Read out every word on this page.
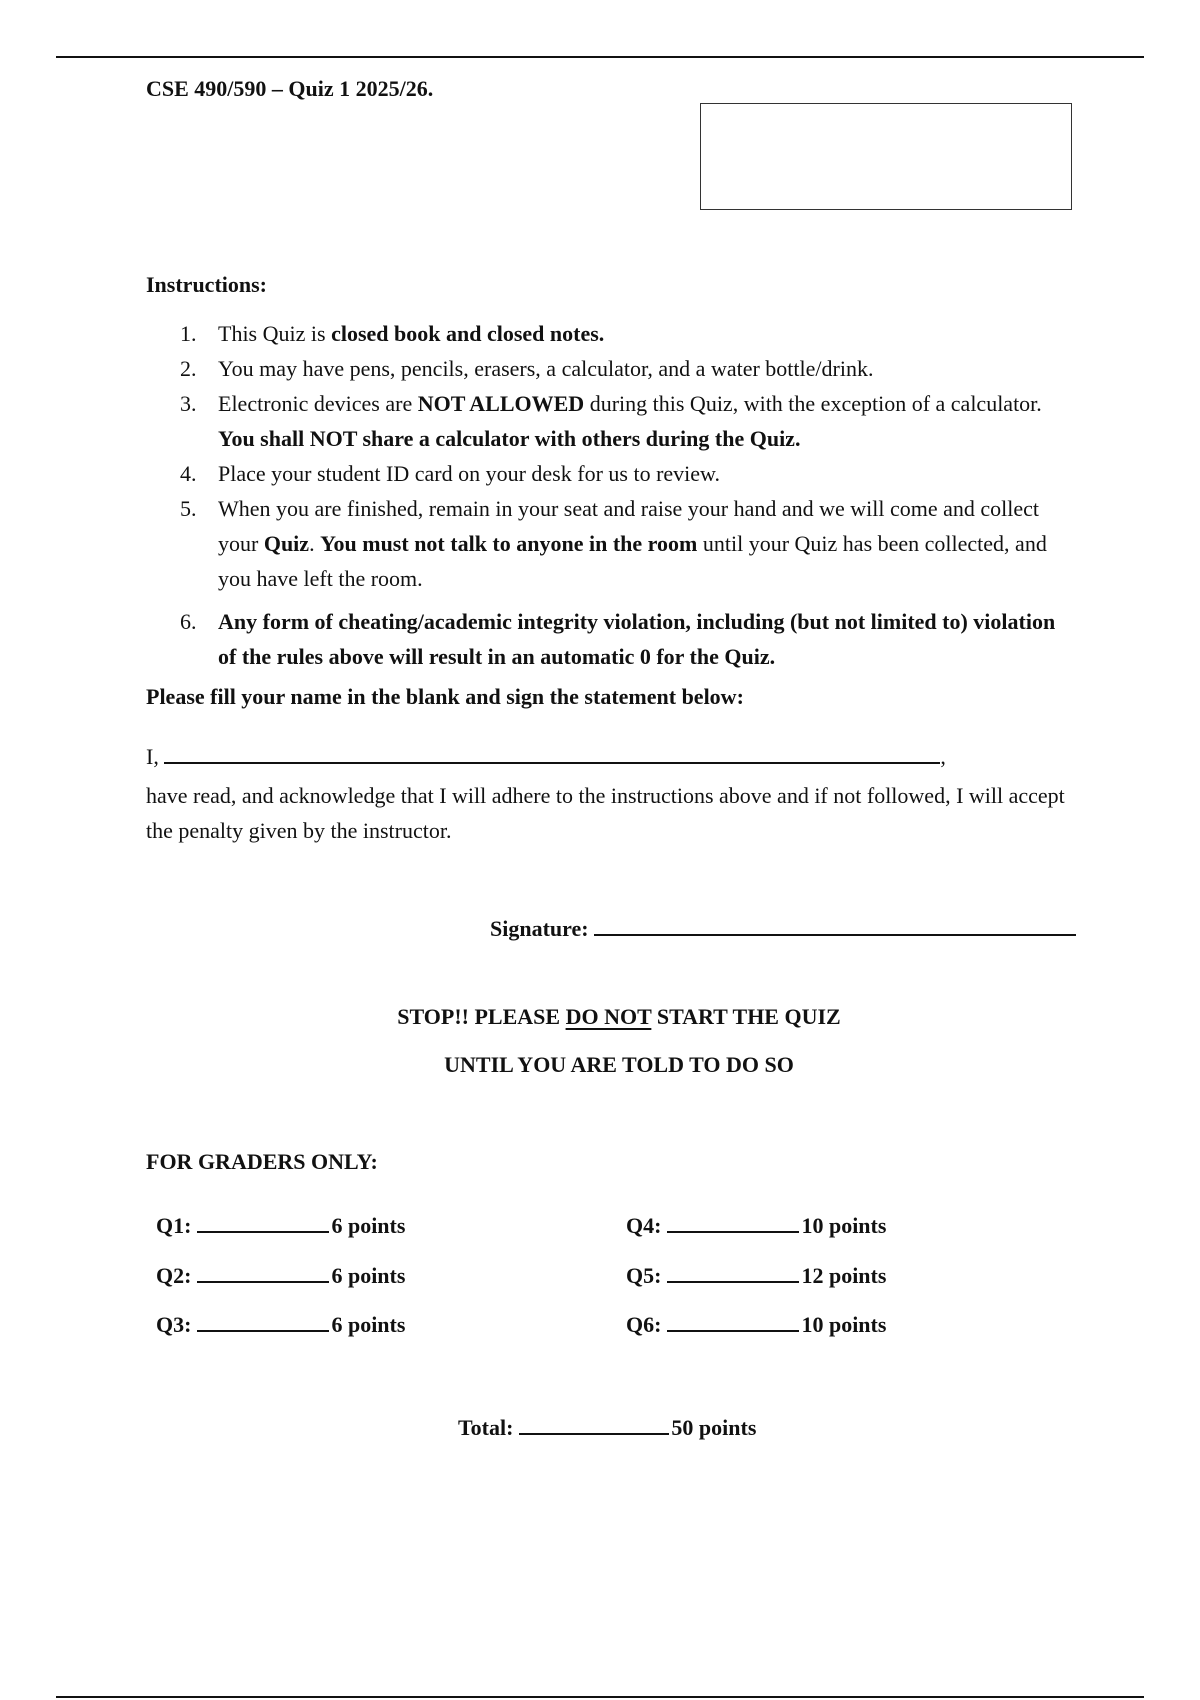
CSE 490/590 – Quiz 1 2025/26.
Instructions:
1. This Quiz is closed book and closed notes.
2. You may have pens, pencils, erasers, a calculator, and a water bottle/drink.
3. Electronic devices are NOT ALLOWED during this Quiz, with the exception of a calculator. You shall NOT share a calculator with others during the Quiz.
4. Place your student ID card on your desk for us to review.
5. When you are finished, remain in your seat and raise your hand and we will come and collect your Quiz. You must not talk to anyone in the room until your Quiz has been collected, and you have left the room.
6. Any form of cheating/academic integrity violation, including (but not limited to) violation of the rules above will result in an automatic 0 for the Quiz.
Please fill your name in the blank and sign the statement below:
I,	,
have read, and acknowledge that I will adhere to the instructions above and if not followed, I will accept the penalty given by the instructor.
Signature:
STOP!! PLEASE DO NOT START THE QUIZ
UNTIL YOU ARE TOLD TO DO SO
FOR GRADERS ONLY:
Q1:	6 points
Q2:	6 points
Q3:	6 points
Q4:	10 points
Q5:	12 points
Q6:	10 points
Total:	50 points
